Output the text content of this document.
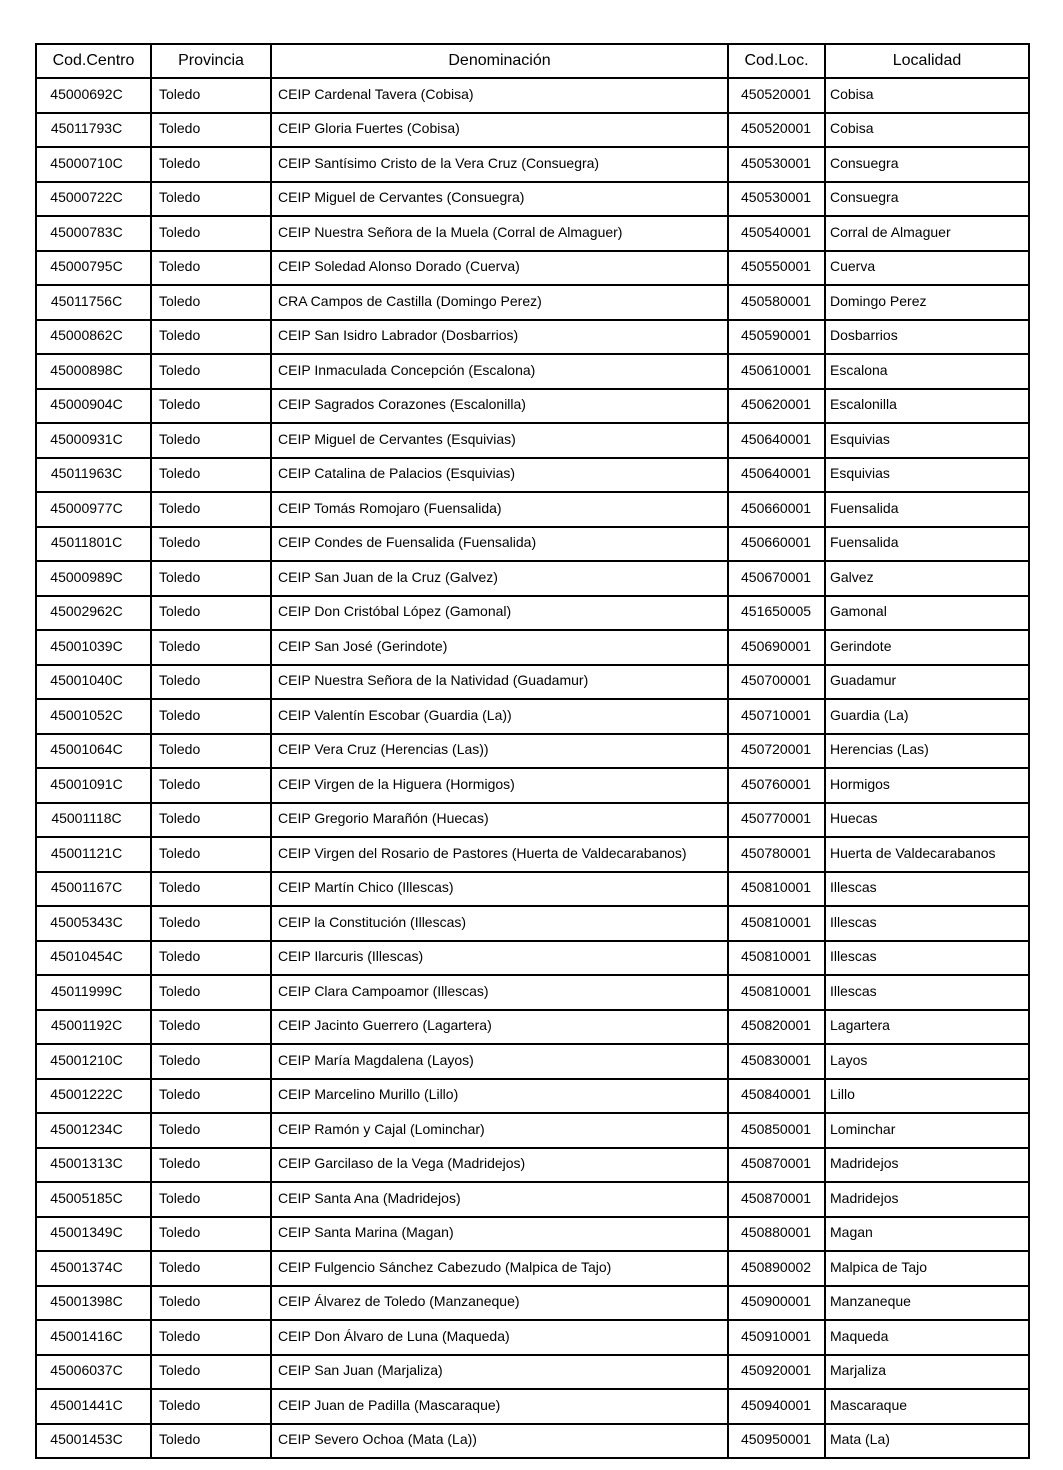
Cod.Centro	Provincia	Denominación	Cod.Loc.	Localidad
45000692C	Toledo	CEIP Cardenal Tavera (Cobisa)	450520001	Cobisa
45011793C	Toledo	CEIP Gloria Fuertes (Cobisa)	450520001	Cobisa
45000710C	Toledo	CEIP Santísimo Cristo de la Vera Cruz (Consuegra)	450530001	Consuegra
45000722C	Toledo	CEIP Miguel de Cervantes (Consuegra)	450530001	Consuegra
45000783C	Toledo	CEIP Nuestra Señora de la Muela (Corral de Almaguer)	450540001	Corral de Almaguer
45000795C	Toledo	CEIP Soledad Alonso Dorado (Cuerva)	450550001	Cuerva
45011756C	Toledo	CRA Campos de Castilla (Domingo Perez)	450580001	Domingo Perez
45000862C	Toledo	CEIP San Isidro Labrador (Dosbarrios)	450590001	Dosbarrios
45000898C	Toledo	CEIP Inmaculada Concepción (Escalona)	450610001	Escalona
45000904C	Toledo	CEIP Sagrados Corazones (Escalonilla)	450620001	Escalonilla
45000931C	Toledo	CEIP Miguel de Cervantes (Esquivias)	450640001	Esquivias
45011963C	Toledo	CEIP Catalina de Palacios (Esquivias)	450640001	Esquivias
45000977C	Toledo	CEIP Tomás Romojaro (Fuensalida)	450660001	Fuensalida
45011801C	Toledo	CEIP Condes de Fuensalida (Fuensalida)	450660001	Fuensalida
45000989C	Toledo	CEIP San Juan de la Cruz (Galvez)	450670001	Galvez
45002962C	Toledo	CEIP Don Cristóbal López (Gamonal)	451650005	Gamonal
45001039C	Toledo	CEIP San José (Gerindote)	450690001	Gerindote
45001040C	Toledo	CEIP Nuestra Señora de la Natividad (Guadamur)	450700001	Guadamur
45001052C	Toledo	CEIP Valentín Escobar (Guardia (La))	450710001	Guardia (La)
45001064C	Toledo	CEIP Vera Cruz (Herencias (Las))	450720001	Herencias (Las)
45001091C	Toledo	CEIP Virgen de la Higuera (Hormigos)	450760001	Hormigos
45001118C	Toledo	CEIP Gregorio Marañón (Huecas)	450770001	Huecas
45001121C	Toledo	CEIP Virgen del Rosario de Pastores (Huerta de Valdecarabanos)	450780001	Huerta de Valdecarabanos
45001167C	Toledo	CEIP Martín Chico (Illescas)	450810001	Illescas
45005343C	Toledo	CEIP la Constitución (Illescas)	450810001	Illescas
45010454C	Toledo	CEIP Ilarcuris (Illescas)	450810001	Illescas
45011999C	Toledo	CEIP Clara Campoamor (Illescas)	450810001	Illescas
45001192C	Toledo	CEIP Jacinto Guerrero (Lagartera)	450820001	Lagartera
45001210C	Toledo	CEIP María Magdalena (Layos)	450830001	Layos
45001222C	Toledo	CEIP Marcelino Murillo (Lillo)	450840001	Lillo
45001234C	Toledo	CEIP Ramón y Cajal (Lominchar)	450850001	Lominchar
45001313C	Toledo	CEIP Garcilaso de la Vega (Madridejos)	450870001	Madridejos
45005185C	Toledo	CEIP Santa Ana (Madridejos)	450870001	Madridejos
45001349C	Toledo	CEIP Santa Marina (Magan)	450880001	Magan
45001374C	Toledo	CEIP Fulgencio Sánchez Cabezudo (Malpica de Tajo)	450890002	Malpica de Tajo
45001398C	Toledo	CEIP Álvarez de Toledo (Manzaneque)	450900001	Manzaneque
45001416C	Toledo	CEIP Don Álvaro de Luna (Maqueda)	450910001	Maqueda
45006037C	Toledo	CEIP San Juan (Marjaliza)	450920001	Marjaliza
45001441C	Toledo	CEIP Juan de Padilla (Mascaraque)	450940001	Mascaraque
45001453C	Toledo	CEIP Severo Ochoa (Mata (La))	450950001	Mata (La)
